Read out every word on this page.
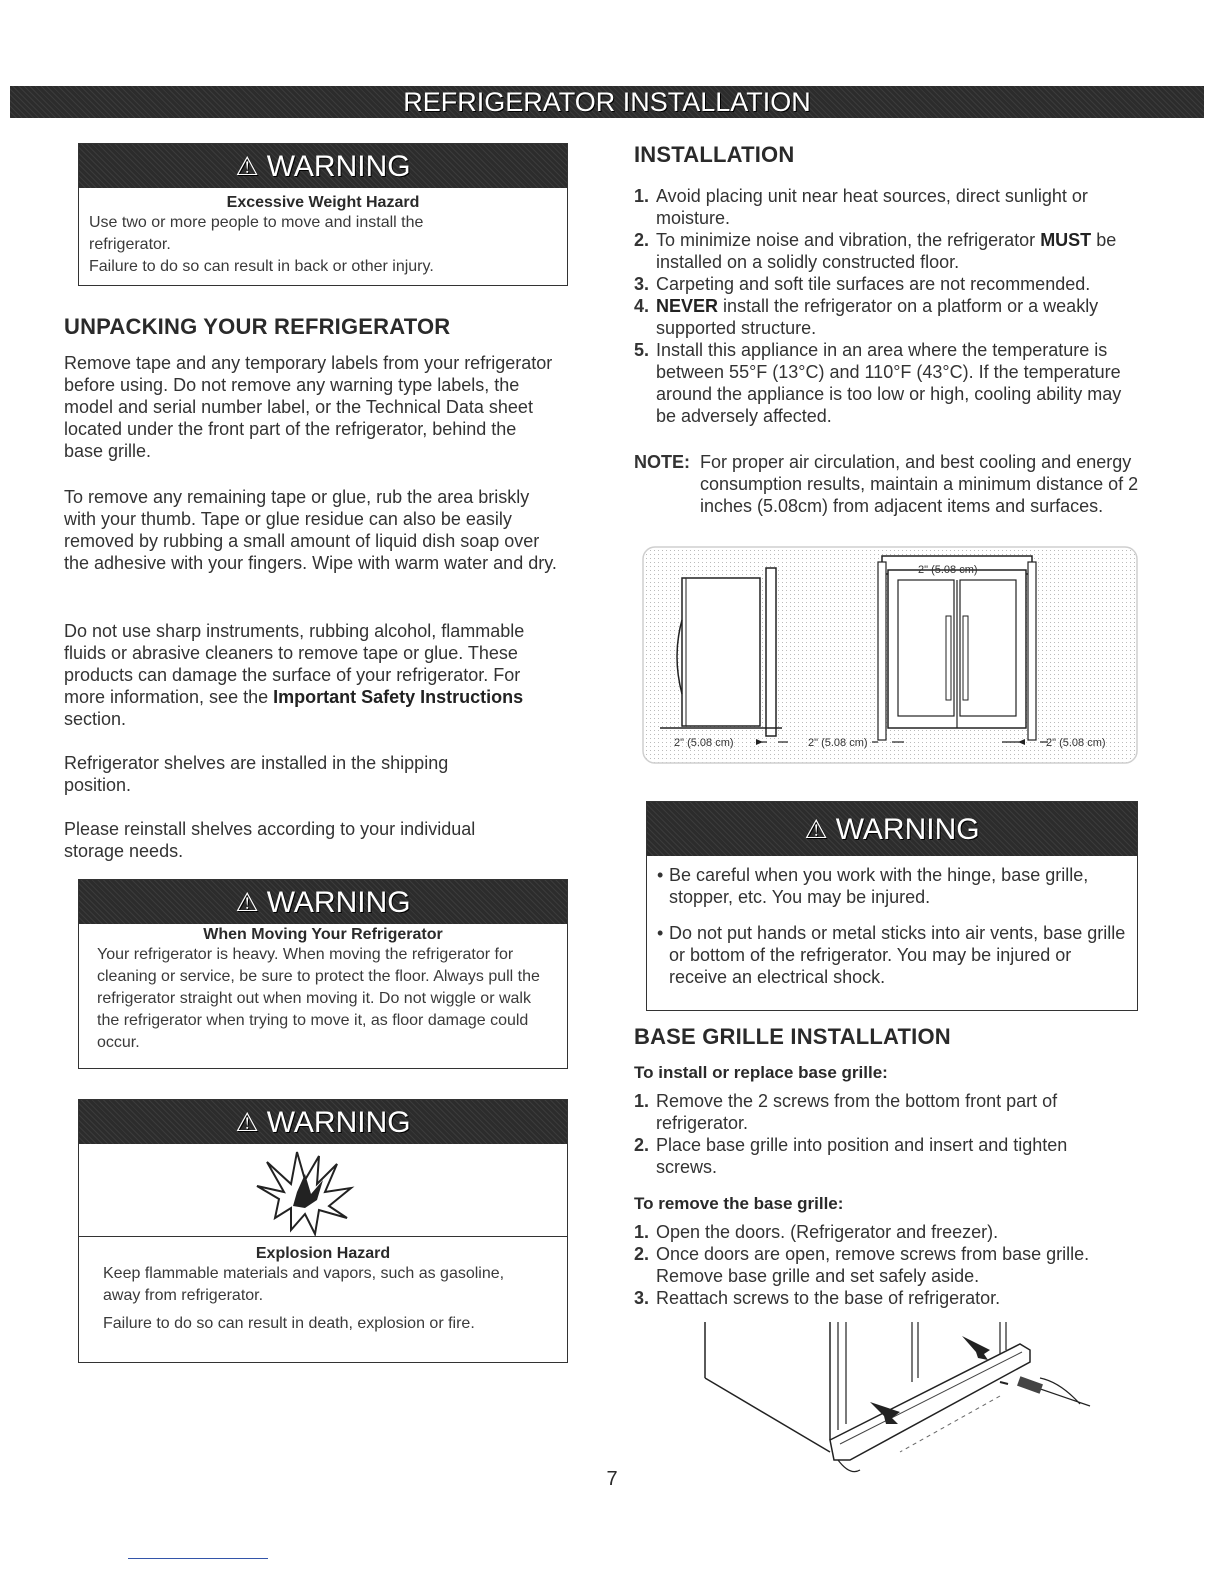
REFRIGERATOR INSTALLATION
⚠ WARNING
Excessive Weight Hazard
Use two or more people to move and install the refrigerator.
Failure to do so can result in back or other injury.
UNPACKING YOUR REFRIGERATOR

Remove tape and any temporary labels from your refrigerator before using. Do not remove any warning type labels, the model and serial number label, or the Technical Data sheet located under the front part of the refrigerator, behind the base grille.

To remove any remaining tape or glue, rub the area briskly with your thumb. Tape or glue residue can also be easily removed by rubbing a small amount of liquid dish soap over the adhesive with your fingers. Wipe with warm water and dry.

Do not use sharp instruments, rubbing alcohol, flammable fluids or abrasive cleaners to remove tape or glue. These products can damage the surface of your refrigerator. For more information, see the Important Safety Instructions section.

Refrigerator shelves are installed in the shipping position.

Please reinstall shelves according to your individual storage needs.

⚠ WARNING
When Moving Your Refrigerator
Your refrigerator is heavy. When moving the refrigerator for cleaning or service, be sure to protect the floor. Always pull the refrigerator straight out when moving it. Do not wiggle or walk the refrigerator when trying to move it, as floor damage could occur.
⚠ WARNING
Explosion Hazard
Keep flammable materials and vapors, such as gasoline, away from refrigerator.
Failure to do so can result in death, explosion or fire.
INSTALLATION
1. Avoid placing unit near heat sources, direct sunlight or moisture.
2. To minimize noise and vibration, the refrigerator MUST be installed on a solidly constructed floor.
3. Carpeting and soft tile surfaces are not recommended.
4. NEVER install the refrigerator on a platform or a weakly supported structure.
5. Install this appliance in an area where the temperature is between 55°F (13°C) and 110°F (43°C). If the temperature around the appliance is too low or high, cooling ability may be adversely affected.
NOTE: For proper air circulation, and best cooling and energy consumption results, maintain a minimum distance of 2 inches (5.08cm) from adjacent items and surfaces.
2" (5.08 cm)
2" (5.08 cm)	2" (5.08 cm)	2" (5.08 cm)
⚠ WARNING
• Be careful when you work with the hinge, base grille, stopper, etc. You may be injured.
• Do not put hands or metal sticks into air vents, base grille or bottom of the refrigerator. You may be injured or receive an electrical shock.
BASE GRILLE INSTALLATION
To install or replace base grille:
1. Remove the 2 screws from the bottom front part of refrigerator.
2. Place base grille into position and insert and tighten screws.
To remove the base grille:
1. Open the doors. (Refrigerator and freezer).
2. Once doors are open, remove screws from base grille. Remove base grille and set safely aside.
3. Reattach screws to the base of refrigerator.
7
